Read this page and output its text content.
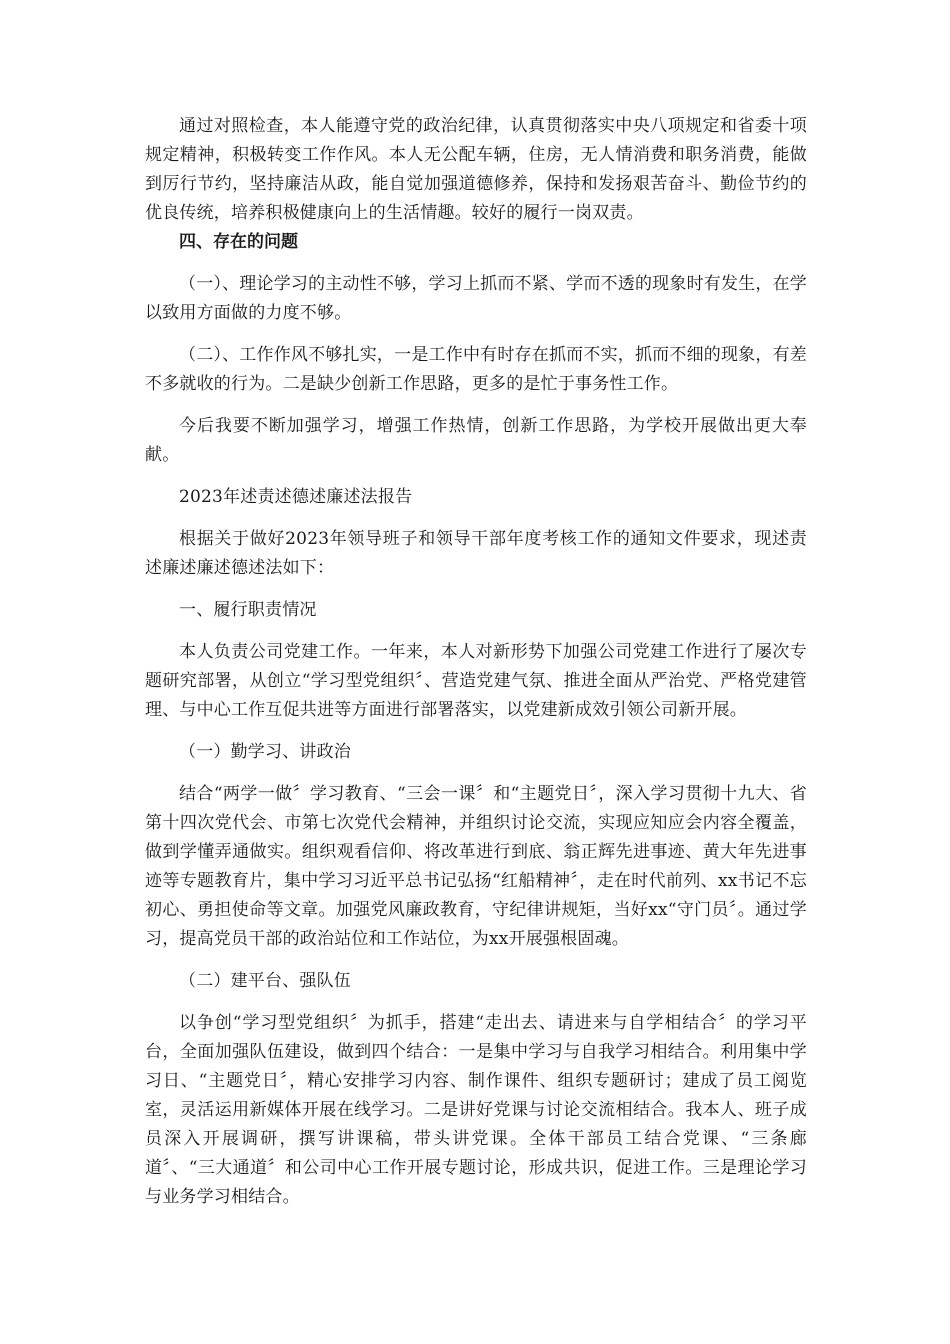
通过对照检查，本人能遵守党的政治纪律，认真贯彻落实中央八项规定和省委十项规定精神，积极转变工作作风。本人无公配车辆，住房，无人情消费和职务消费，能做到厉行节约，坚持廉洁从政，能自觉加强道德修养，保持和发扬艰苦奋斗、勤俭节约的优良传统，培养积极健康向上的生活情趣。较好的履行一岗双责。

四、存在的问题

（一）、理论学习的主动性不够，学习上抓而不紧、学而不透的现象时有发生，在学以致用方面做的力度不够。

（二）、工作作风不够扎实，一是工作中有时存在抓而不实，抓而不细的现象，有差不多就收的行为。二是缺少创新工作思路，更多的是忙于事务性工作。

今后我要不断加强学习，增强工作热情，创新工作思路，为学校开展做出更大奉献。

2023年述责述德述廉述法报告

根据关于做好2023年领导班子和领导干部年度考核工作的通知文件要求，现述责述廉述廉述德述法如下：

一、履行职责情况

本人负责公司党建工作。一年来，本人对新形势下加强公司党建工作进行了屡次专题研究部署，从创立“学习型党组织〞、营造党建气氛、推进全面从严治党、严格党建管理、与中心工作互促共进等方面进行部署落实，以党建新成效引领公司新开展。

（一）勤学习、讲政治

结合“两学一做〞学习教育、“三会一课〞和“主题党日〞，深入学习贯彻十九大、省第十四次党代会、市第七次党代会精神，并组织讨论交流，实现应知应会内容全覆盖，做到学懂弄通做实。组织观看信仰、将改革进行到底、翁正辉先进事迹、黄大年先进事迹等专题教育片，集中学习习近平总书记弘扬“红船精神〞，走在时代前列、xx书记不忘初心、勇担使命等文章。加强党风廉政教育，守纪律讲规矩，当好xx“守门员〞。通过学习，提高党员干部的政治站位和工作站位，为xx开展强根固魂。

（二）建平台、强队伍

以争创“学习型党组织〞为抓手，搭建“走出去、请进来与自学相结合〞的学习平台，全面加强队伍建设，做到四个结合：一是集中学习与自我学习相结合。利用集中学习日、“主题党日〞，精心安排学习内容、制作课件、组织专题研讨；建成了员工阅览室，灵活运用新媒体开展在线学习。二是讲好党课与讨论交流相结合。我本人、班子成员深入开展调研，撰写讲课稿，带头讲党课。全体干部员工结合党课、“三条廊道〞、“三大通道〞和公司中心工作开展专题讨论，形成共识，促进工作。三是理论学习与业务学习相结合。
